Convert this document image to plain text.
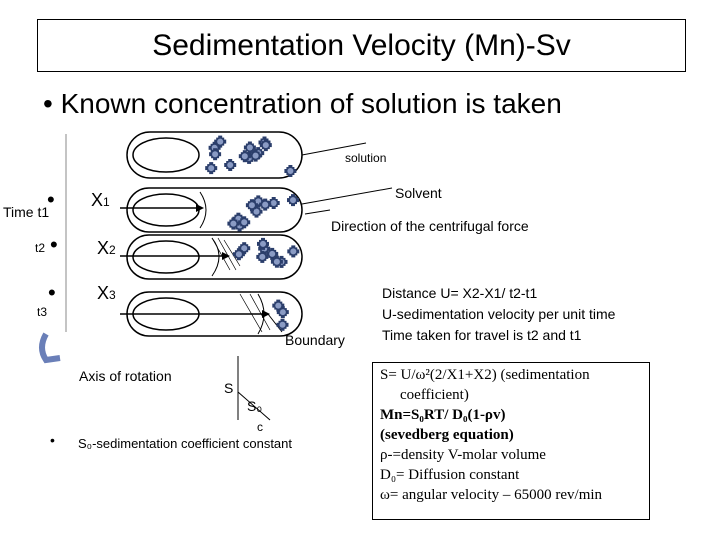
Sedimentation Velocity (Mn)-Sv
• Known concentration of solution is taken
solution
Solvent
Direction of the centrifugal force
Time t1
•
t2 •
t3
•
X1
X2
X3
Boundary
Axis of rotation
S
S₀
c
• S₀-sedimentation coefficient constant
Distance U= X2-X1/ t2-t1
U-sedimentation velocity per unit time
Time taken for travel is t2 and t1
S= U/ω²(2/X1+X2) (sedimentation
coefficient)
Mn=S₀RT/ D₀(1-ρv)
(sevedberg equation)
ρ-=density V-molar volume
D₀= Diffusion constant
ω= angular velocity – 65000 rev/min
